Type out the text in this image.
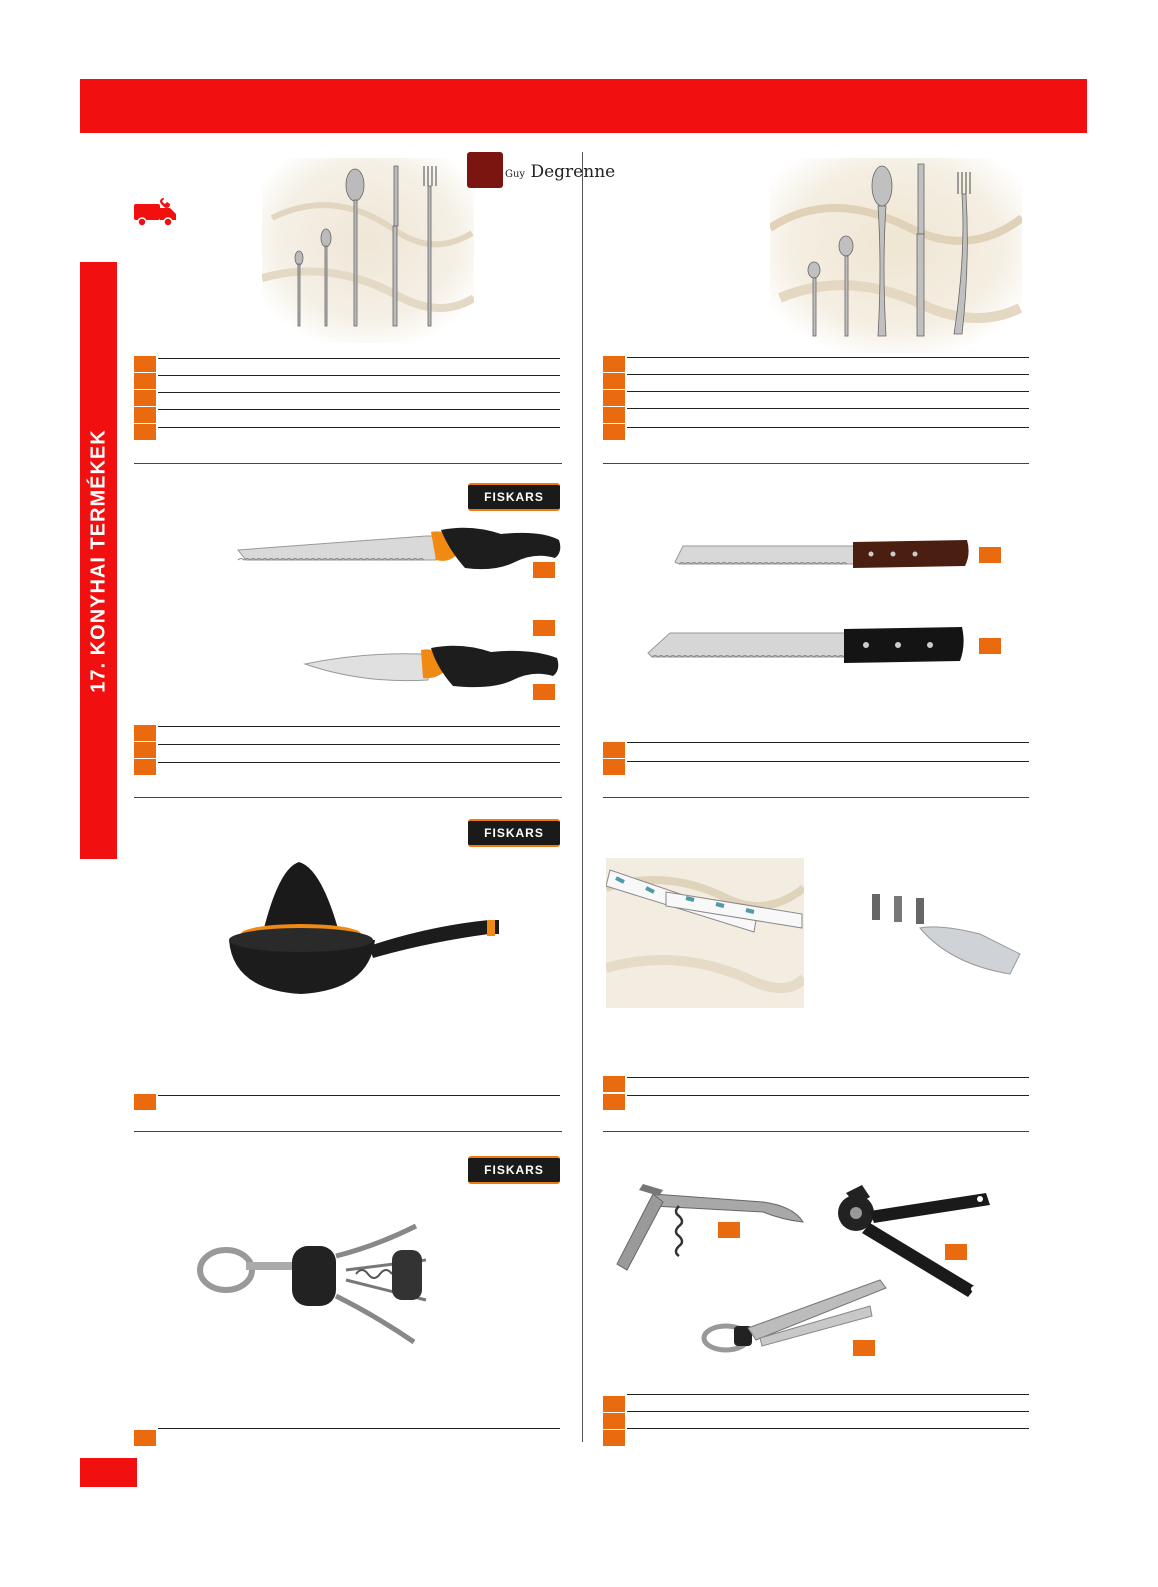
17. KONYHAI TERMÉKEK
Guy Degrenne
FISKARS
FISKARS
FISKARS
